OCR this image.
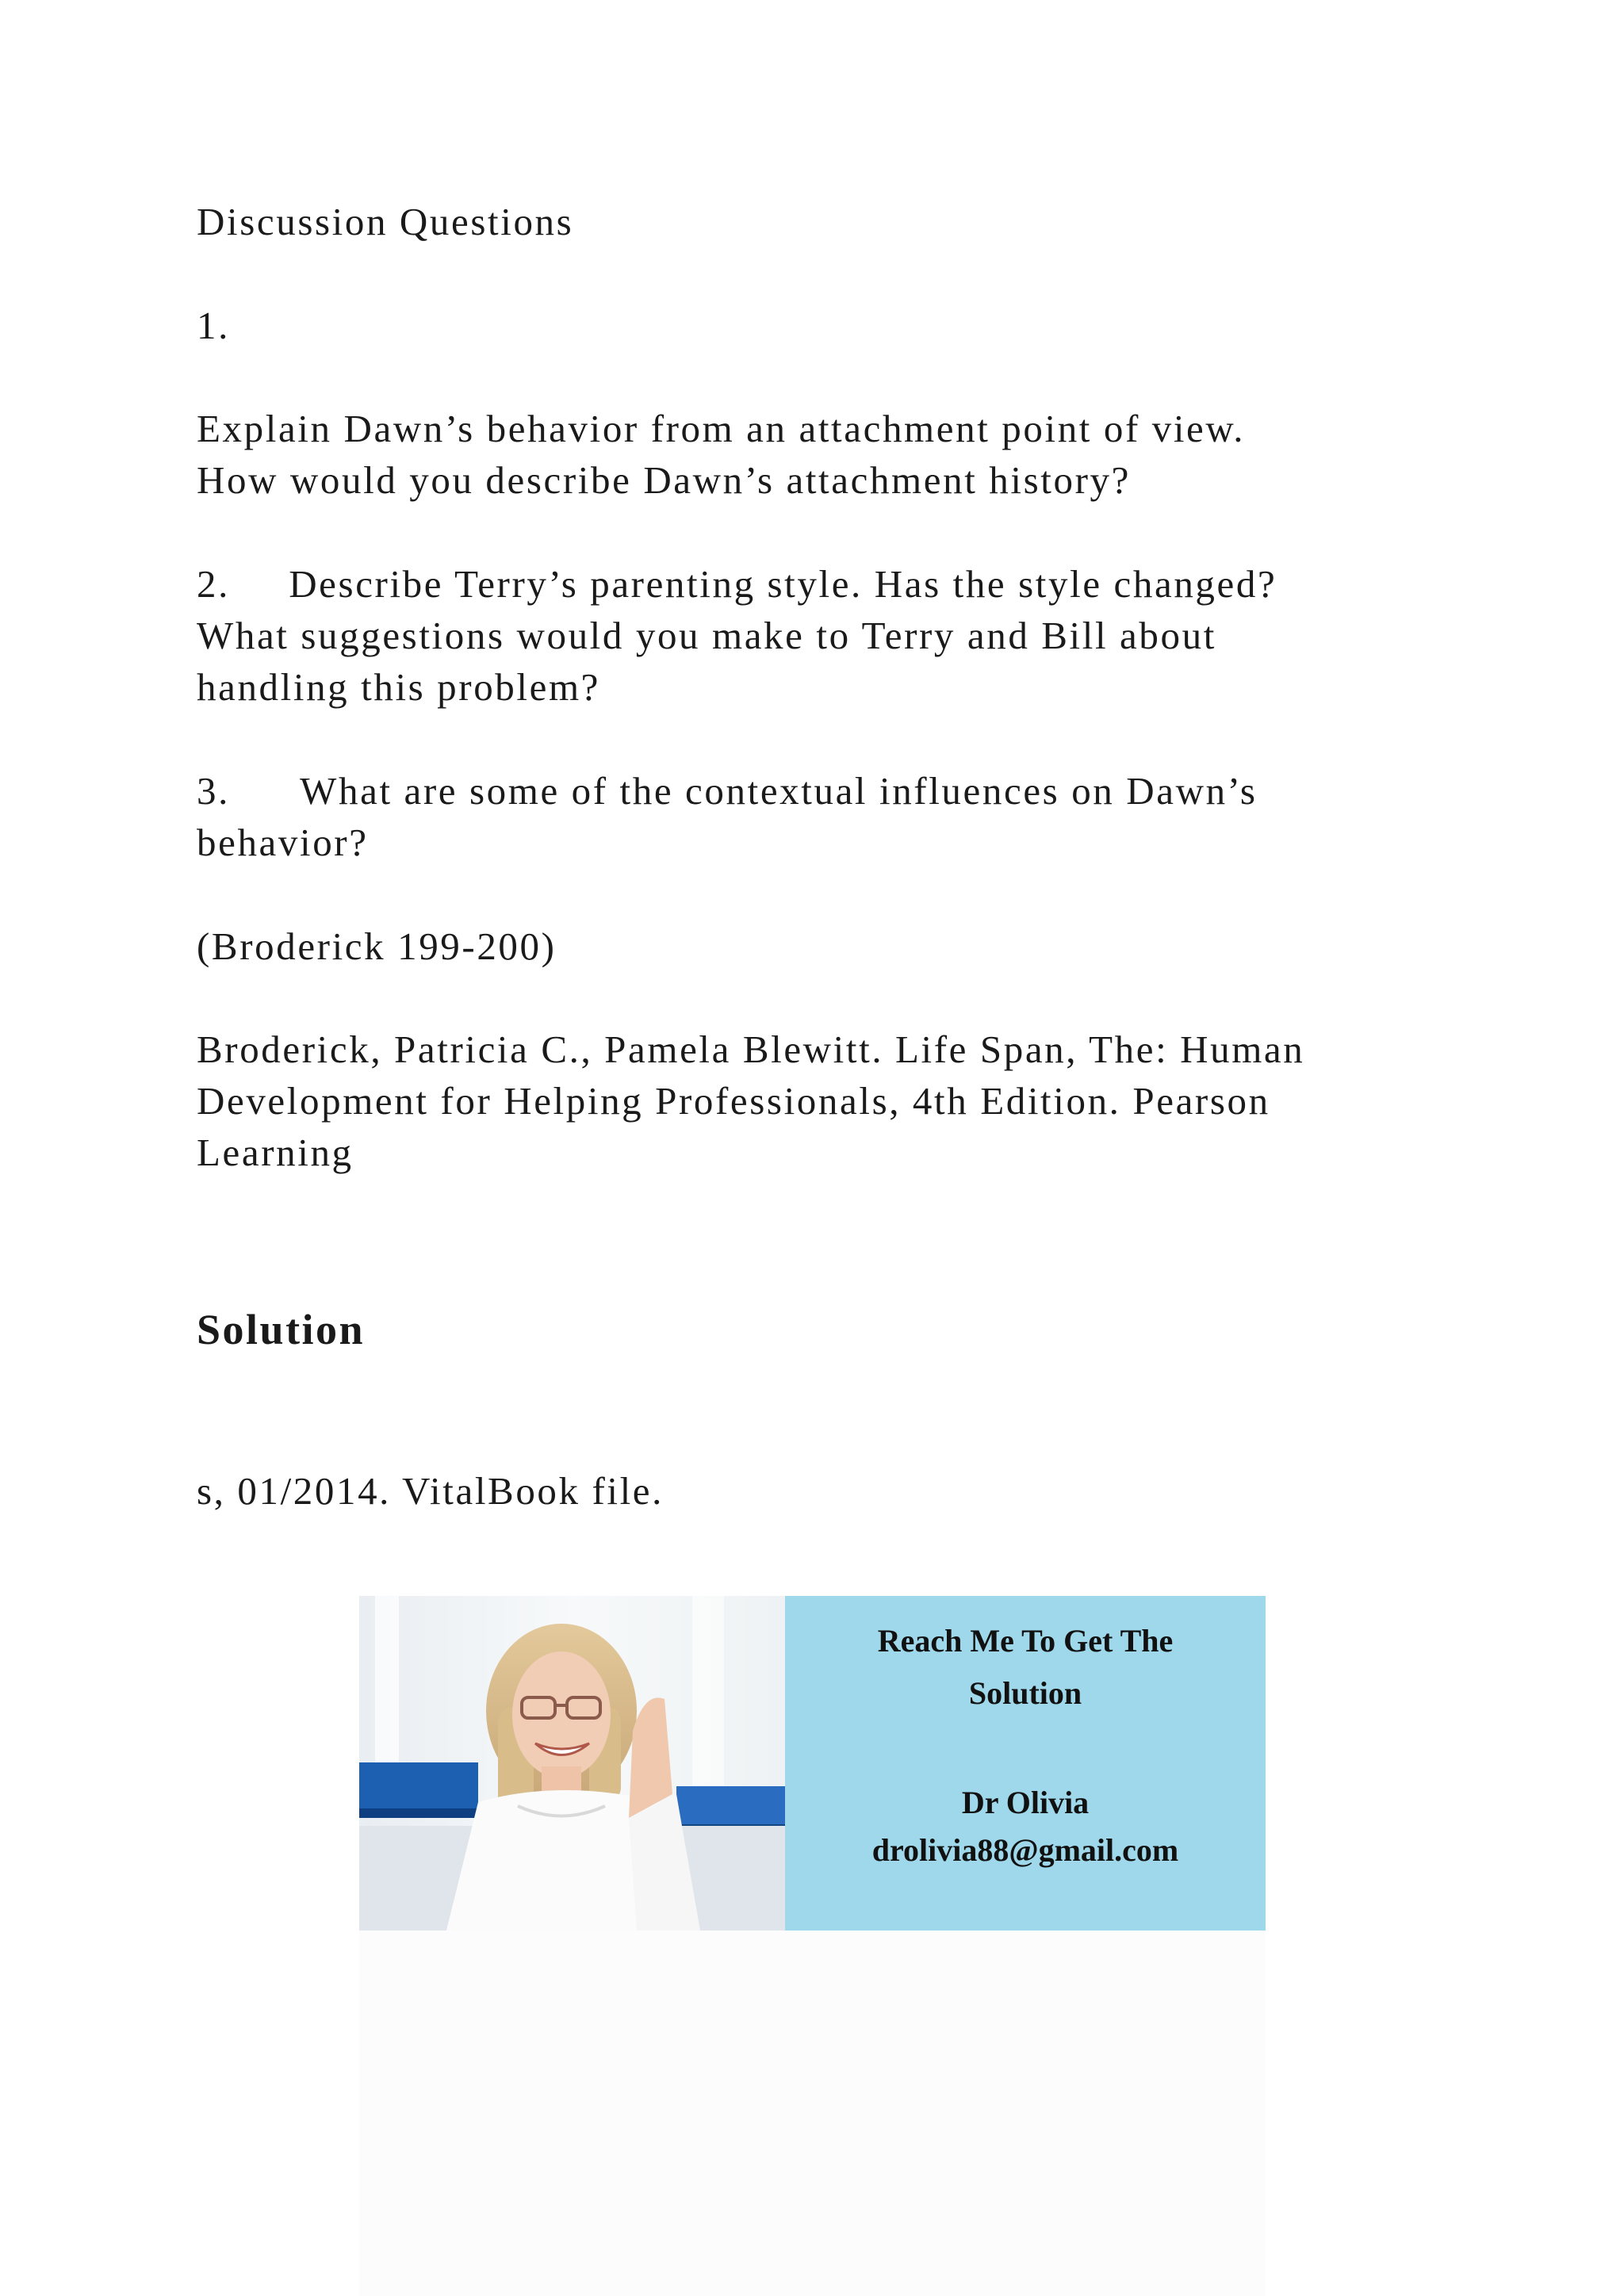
Discussion Questions

1.

Explain Dawn’s behavior from an attachment point of view.

How would you describe Dawn’s attachment history?

2.     Describe Terry’s parenting style. Has the style changed?

What suggestions would you make to Terry and Bill about

handling this problem?

3.      What are some of the contextual influences on Dawn’s

behavior?

(Broderick 199-200)

Broderick, Patricia C., Pamela Blewitt. Life Span, The: Human

Development for Helping Professionals, 4th Edition. Pearson

Learning

Solution

s, 01/2014. VitalBook file.

Reach Me To Get The
Solution
Dr Olivia
drolivia88@gmail.com
